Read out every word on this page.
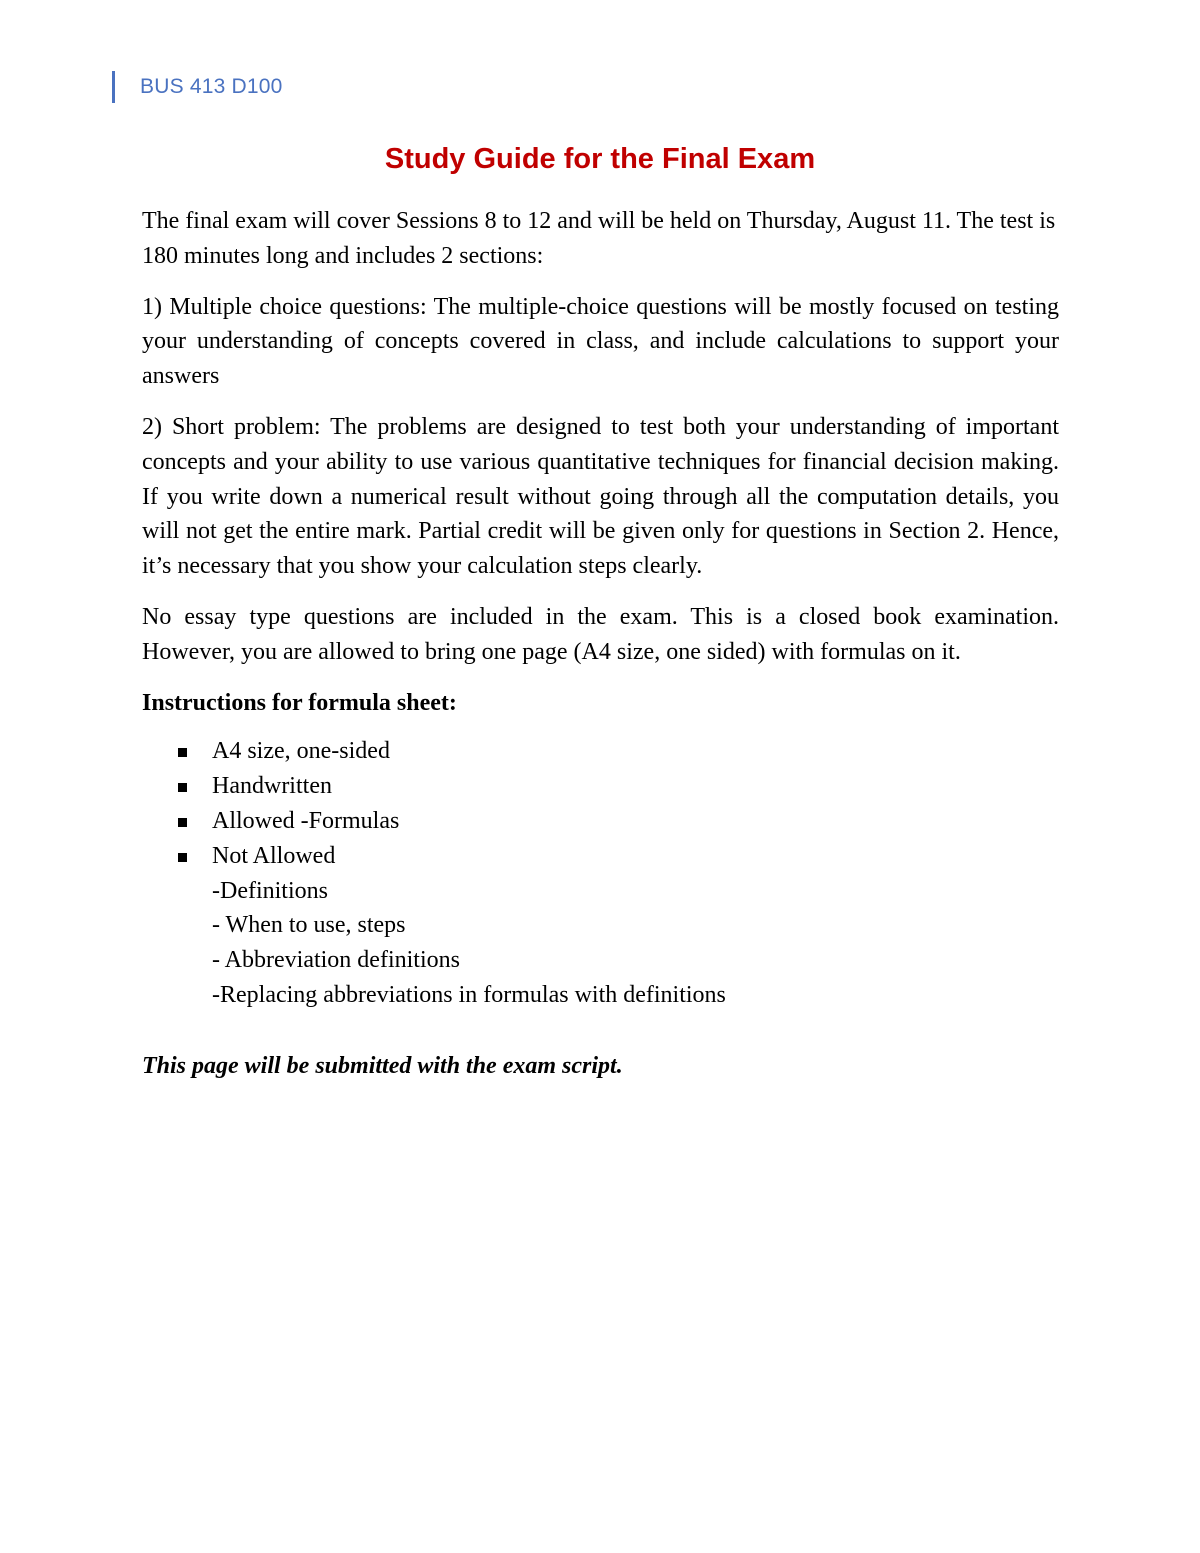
BUS 413 D100
Study Guide for the Final Exam

The final exam will cover Sessions 8 to 12 and will be held on Thursday, August 11. The test is 180 minutes long and includes 2 sections:

1) Multiple choice questions: The multiple-choice questions will be mostly focused on testing your understanding of concepts covered in class, and include calculations to support your answers

2) Short problem: The problems are designed to test both your understanding of important concepts and your ability to use various quantitative techniques for financial decision making. If you write down a numerical result without going through all the computation details, you will not get the entire mark. Partial credit will be given only for questions in Section 2. Hence, it’s necessary that you show your calculation steps clearly.

No essay type questions are included in the exam. This is a closed book examination. However, you are allowed to bring one page (A4 size, one sided) with formulas on it.

Instructions for formula sheet:

A4 size, one-sided
Handwritten
Allowed -Formulas
Not Allowed
-Definitions
- When to use, steps
- Abbreviation definitions
-Replacing abbreviations in formulas with definitions

This page will be submitted with the exam script.
